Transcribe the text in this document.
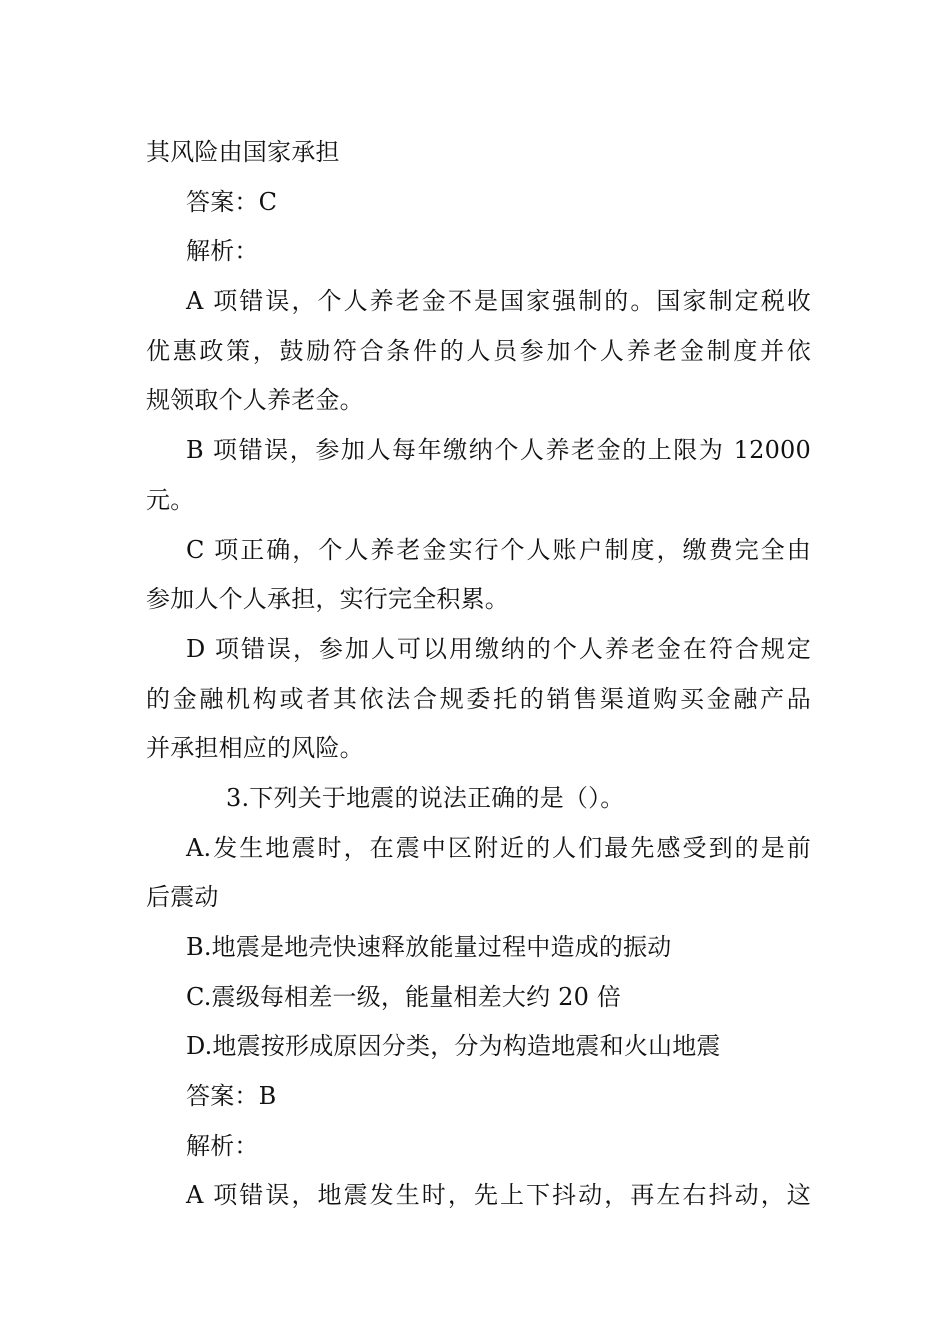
其风险由国家承担
答案：C
解析：
A 项错误，个人养老金不是国家强制的。国家制定税收
优惠政策，鼓励符合条件的人员参加个人养老金制度并依
规领取个人养老金。
B 项错误，参加人每年缴纳个人养老金的上限为 12000
元。
C 项正确，个人养老金实行个人账户制度，缴费完全由
参加人个人承担，实行完全积累。
D 项错误，参加人可以用缴纳的个人养老金在符合规定
的金融机构或者其依法合规委托的销售渠道购买金融产品
并承担相应的风险。
3.下列关于地震的说法正确的是（）。
A.发生地震时，在震中区附近的人们最先感受到的是前
后震动
B.地震是地壳快速释放能量过程中造成的振动
C.震级每相差一级，能量相差大约 20 倍
D.地震按形成原因分类，分为构造地震和火山地震
答案：B
解析：
A 项错误，地震发生时，先上下抖动，再左右抖动，这
